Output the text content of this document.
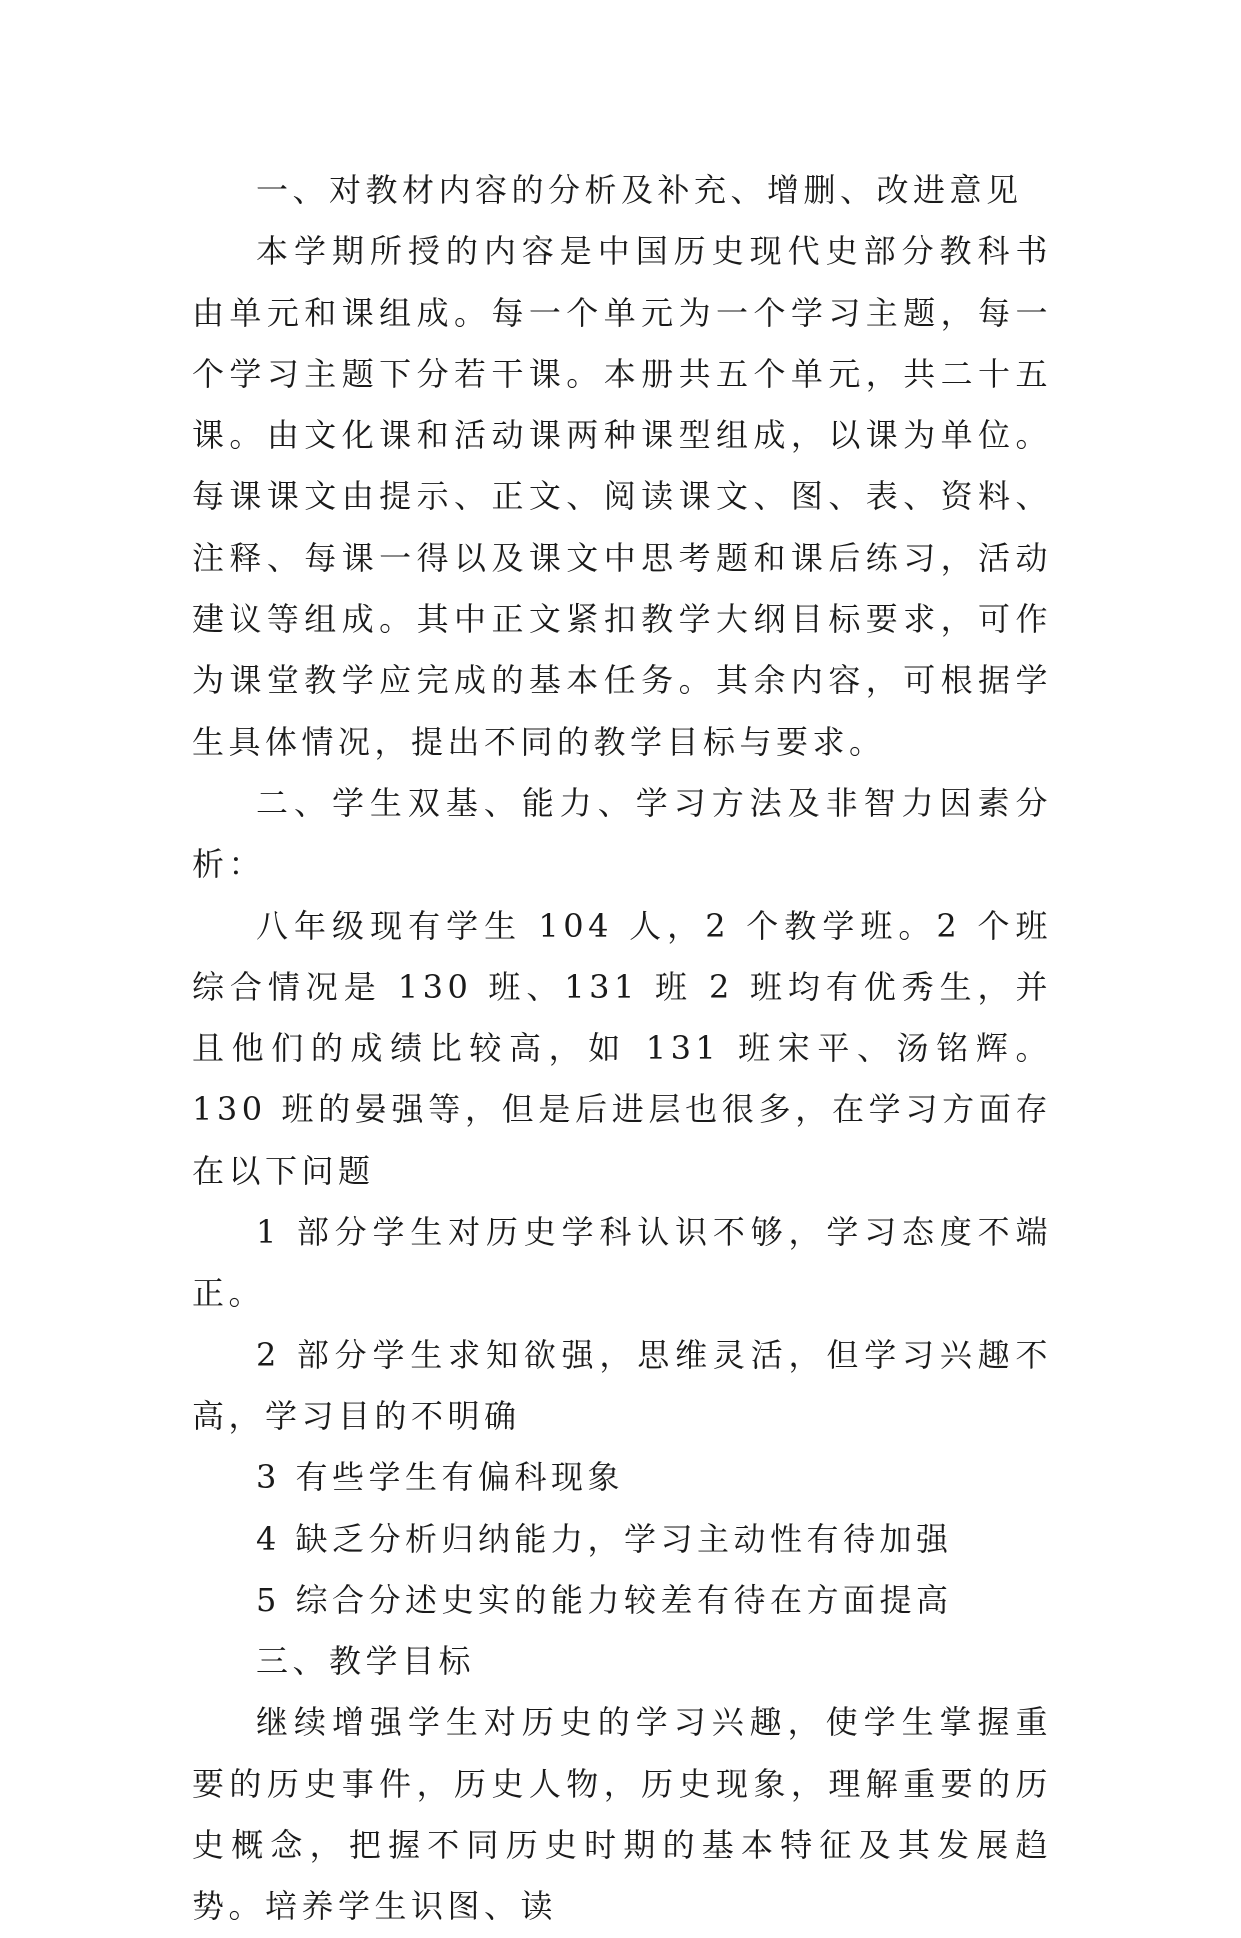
一、对教材内容的分析及补充、增删、改进意见

本学期所授的内容是中国历史现代史部分教科书由单元和课组成。每一个单元为一个学习主题，每一个学习主题下分若干课。本册共五个单元，共二十五课。由文化课和活动课两种课型组成，以课为单位。每课课文由提示、正文、阅读课文、图、表、资料、注释、每课一得以及课文中思考题和课后练习，活动建议等组成。其中正文紧扣教学大纲目标要求，可作为课堂教学应完成的基本任务。其余内容，可根据学生具体情况，提出不同的教学目标与要求。

二、学生双基、能力、学习方法及非智力因素分析：

八年级现有学生 104 人，2 个教学班。2 个班综合情况是 130 班、131 班 2 班均有优秀生，并且他们的成绩比较高，如 131 班宋平、汤铭辉。130 班的晏强等，但是后进层也很多，在学习方面存在以下问题

1 部分学生对历史学科认识不够，学习态度不端正。

2 部分学生求知欲强，思维灵活，但学习兴趣不高，学习目的不明确

3 有些学生有偏科现象

4 缺乏分析归纳能力，学习主动性有待加强

5 综合分述史实的能力较差有待在方面提高

三、教学目标

继续增强学生对历史的学习兴趣，使学生掌握重要的历史事件，历史人物，历史现象，理解重要的历史概念，把握不同历史时期的基本特征及其发展趋势。培养学生识图、读
